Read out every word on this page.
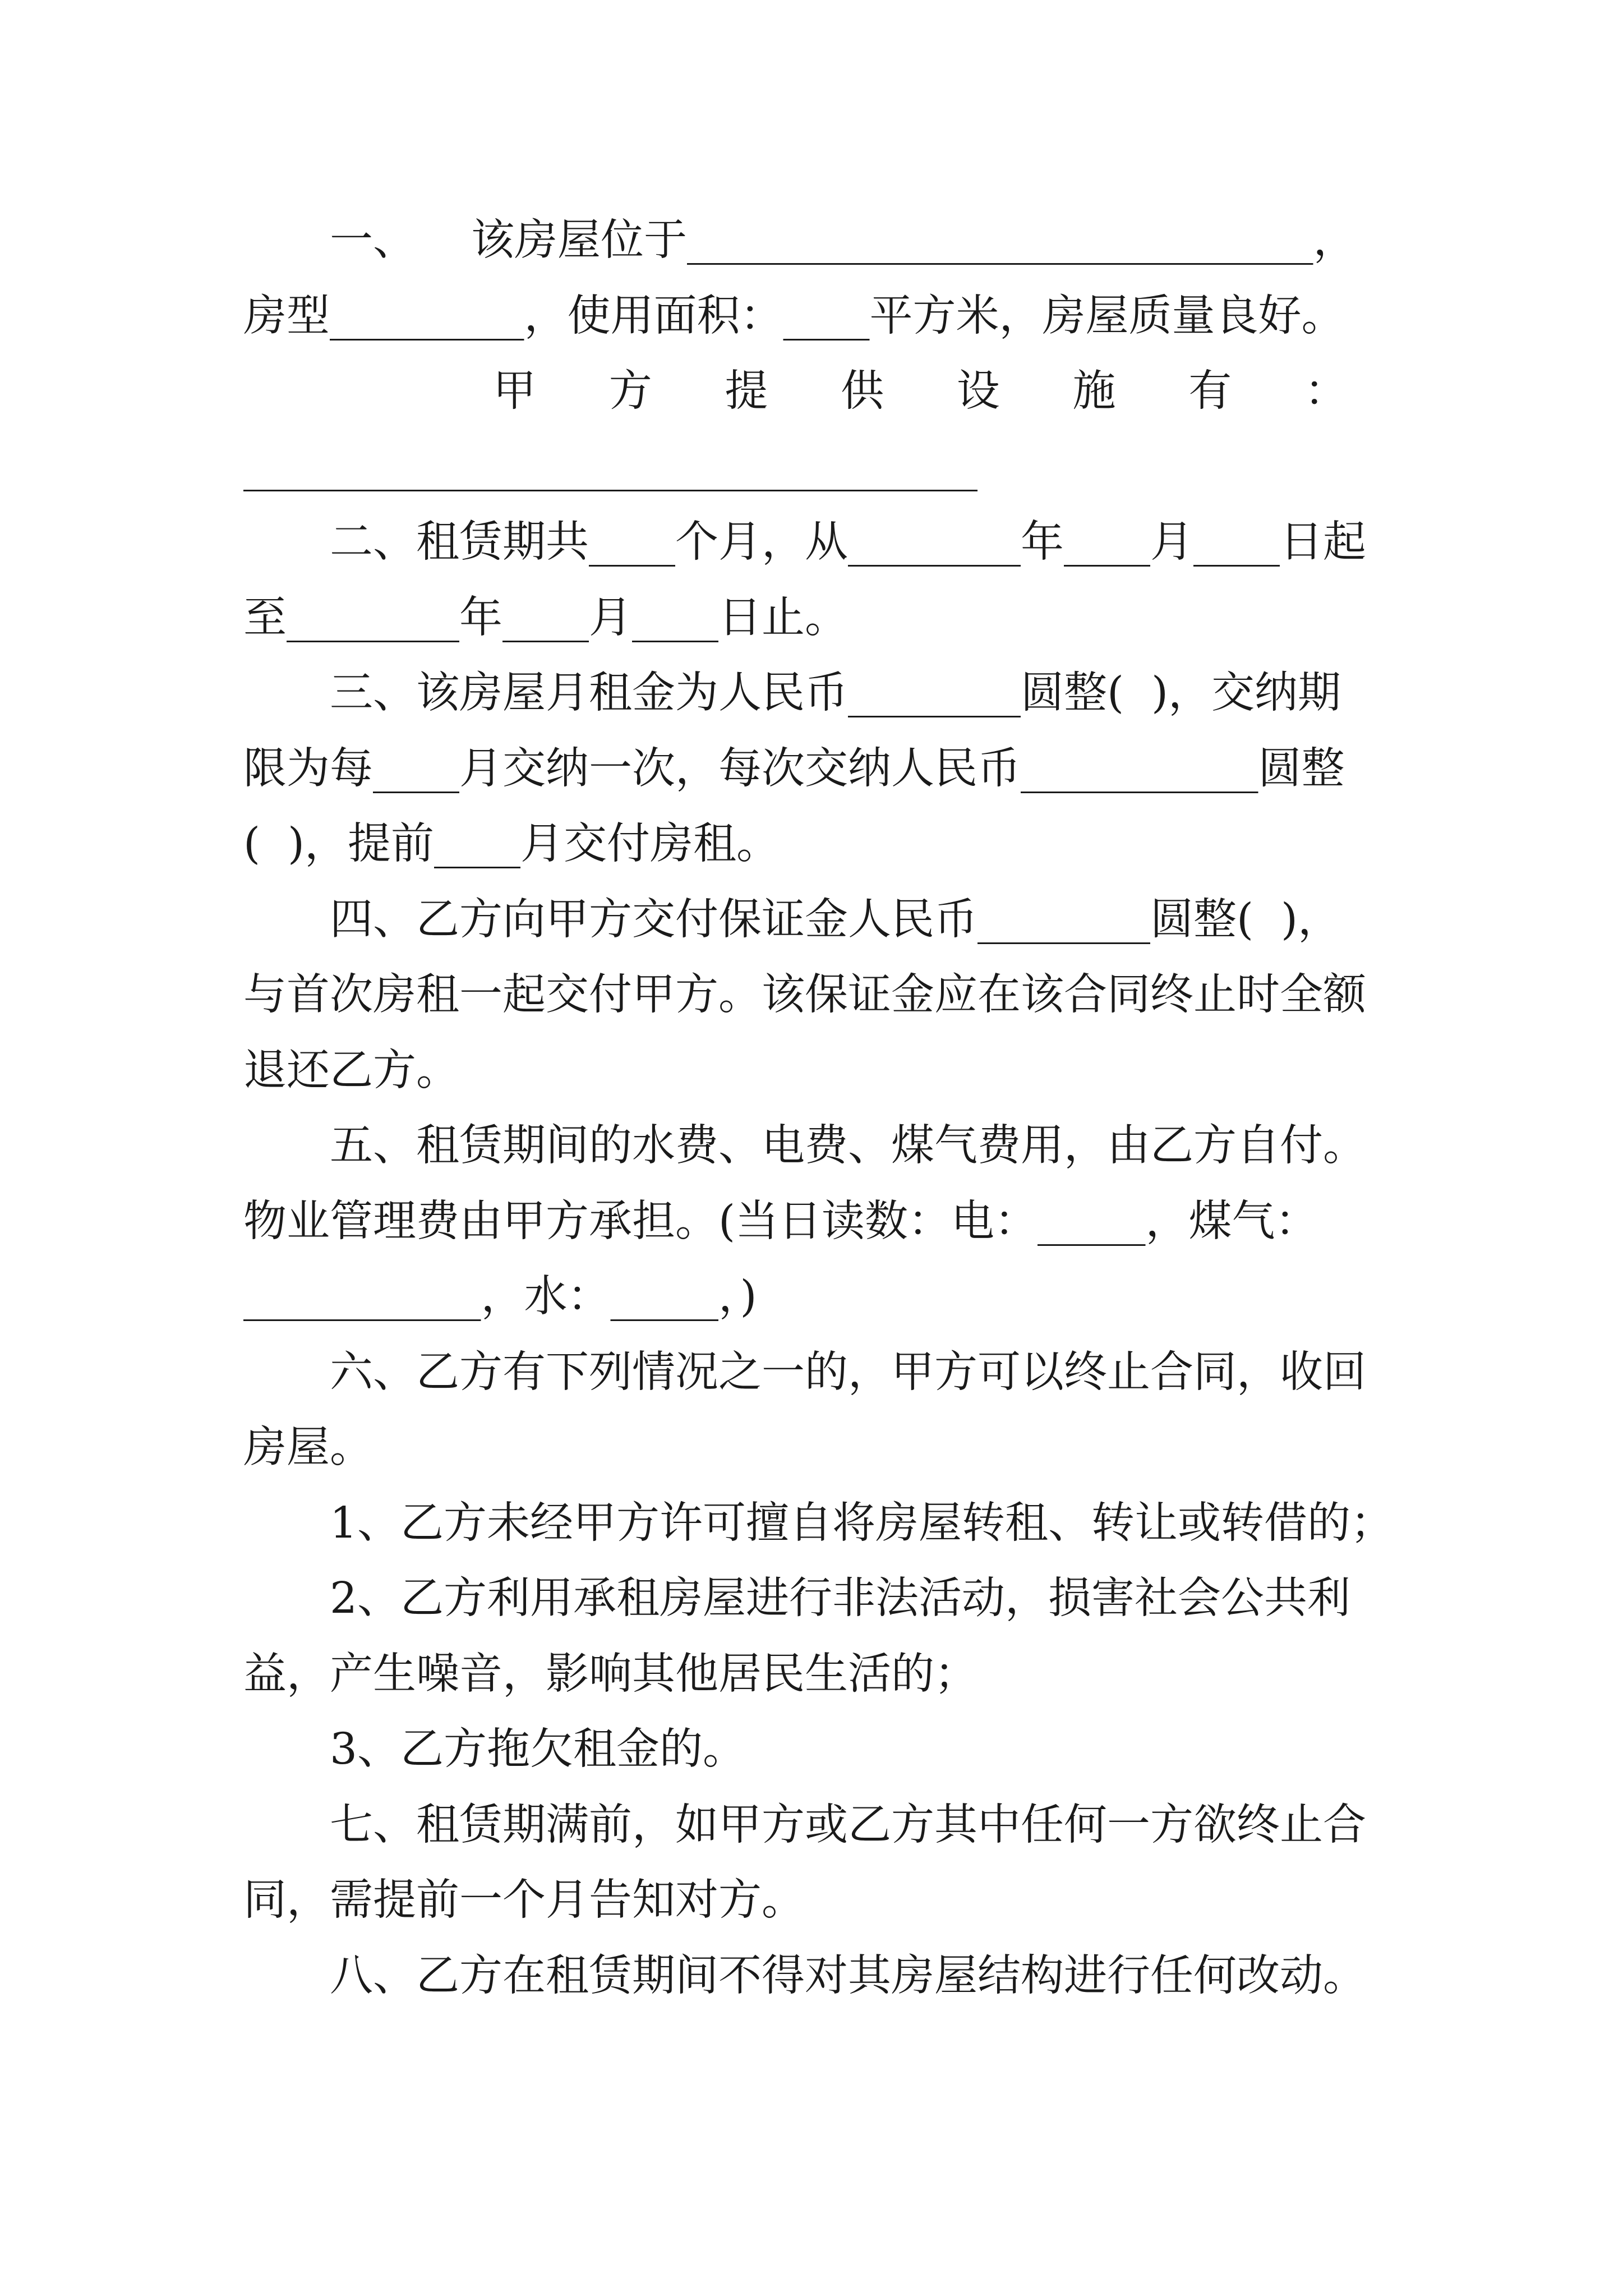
一、 该房屋位于_____________________________，
房型_________，使用面积：____平方米，房屋质量良好。
甲方提供设施有：
__________________________________
二、租赁期共____个月，从________年____月____日起
至________年____月____日止。
三、该房屋月租金为人民币________圆整(  )，交纳期
限为每____月交纳一次，每次交纳人民币___________圆整
(  )，提前____月交付房租。
四、乙方向甲方交付保证金人民币________圆整(  )，
与首次房租一起交付甲方。该保证金应在该合同终止时全额
退还乙方。
五、租赁期间的水费、电费、煤气费用，由乙方自付。
物业管理费由甲方承担。(当日读数：电：_____，煤气：
___________，水：_____，)
六、乙方有下列情况之一的，甲方可以终止合同，收回
房屋。
1、乙方未经甲方许可擅自将房屋转租、转让或转借的；
2、乙方利用承租房屋进行非法活动，损害社会公共利
益，产生噪音，影响其他居民生活的；
3、乙方拖欠租金的。
七、租赁期满前，如甲方或乙方其中任何一方欲终止合
同，需提前一个月告知对方。
八、乙方在租赁期间不得对其房屋结构进行任何改动。
